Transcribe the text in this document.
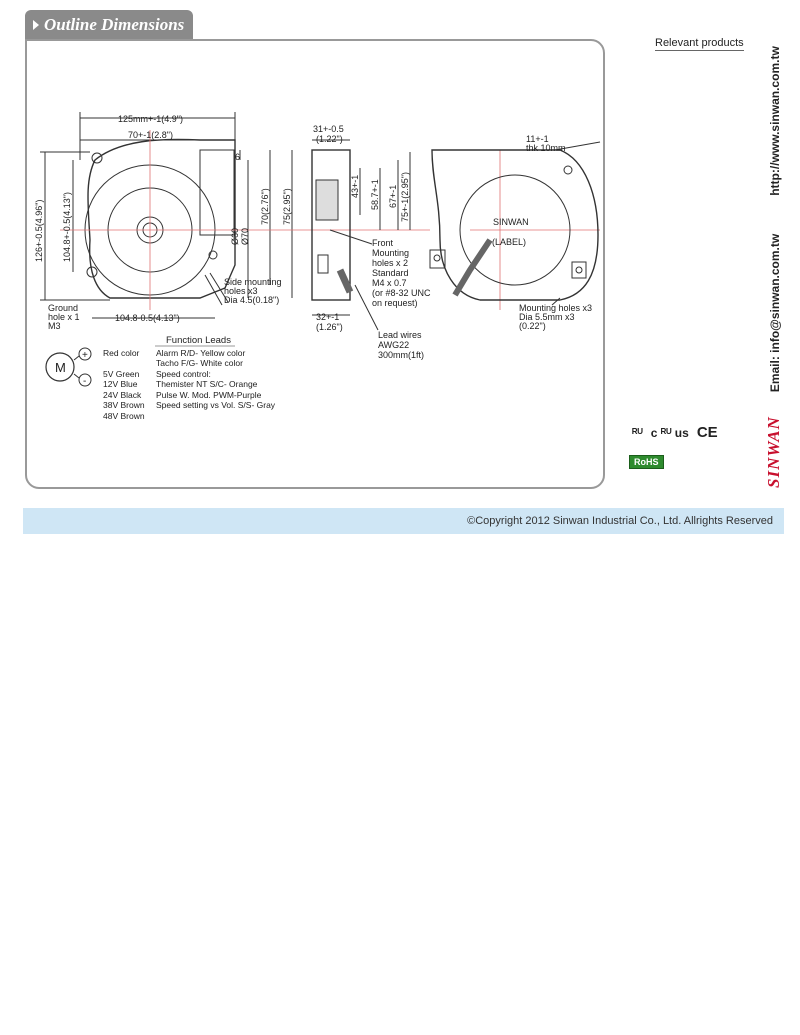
Outline Dimensions
Relevant products
125mm+-1(4.9")
70+-1(2.8")
6
104.8-0.5(4.13")
126+-0.5(4.96") 104.8+-0.5(4.13")	Ø60 Ø70
70(2.76") 75(2.95")
Ground
hole x 1
M3
Side mounting
holes x3
Dia 4.5(0.18")
31+-0.5
(1.22")
43+-1 58.7+-1 67+-1 75+-1(2.95")
32+-1
(1.26")
Front
Mounting
holes x 2
Standard
M4 x 0.7
(or #8-32 UNC
on request)
Lead wires
AWG22
300mm(1ft)
11+-1
thk 10mm
SINWAN
(LABEL)
Mounting holes x3
Dia 5.5mm x3
(0.22")
M
+
-
Red color
5V Green
12V Blue
24V Black
38V Brown
48V Brown
Function Leads
Alarm R/D- Yellow color
Tacho F/G- White color
Speed control:
Themister NT S/C- Orange
Pulse W. Mod. PWM-Purple
Speed setting vs Vol. S/S- Gray
SINWAN
Email: info@sinwan.com.tw
http://www.sinwan.com.tw
ᴿᵁ c ᴿᵁ us CE
RoHS
©Copyright 2012 Sinwan Industrial Co., Ltd. Allrights Reserved
